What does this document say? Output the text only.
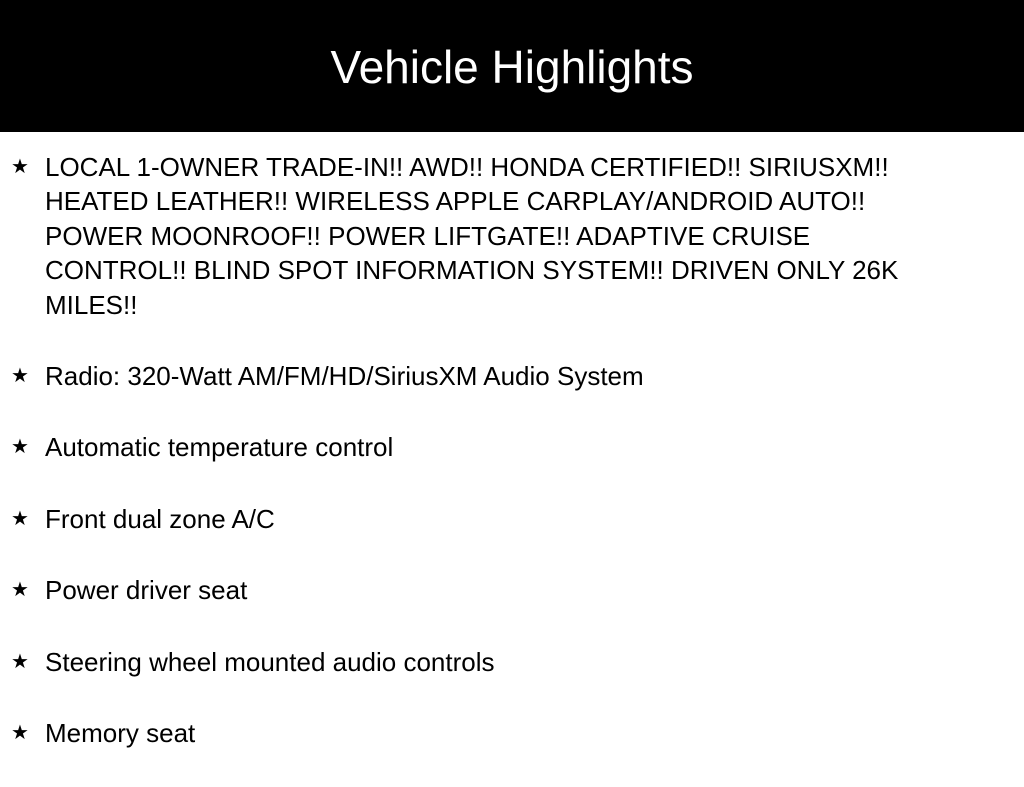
Vehicle Highlights
★ LOCAL 1-OWNER TRADE-IN!! AWD!! HONDA CERTIFIED!! SIRIUSXM!! HEATED LEATHER!! WIRELESS APPLE CARPLAY/ANDROID AUTO!! POWER MOONROOF!! POWER LIFTGATE!! ADAPTIVE CRUISE CONTROL!! BLIND SPOT INFORMATION SYSTEM!! DRIVEN ONLY 26K MILES!!
★ Radio: 320-Watt AM/FM/HD/SiriusXM Audio System
★ Automatic temperature control
★ Front dual zone A/C
★ Power driver seat
★ Steering wheel mounted audio controls
★ Memory seat
